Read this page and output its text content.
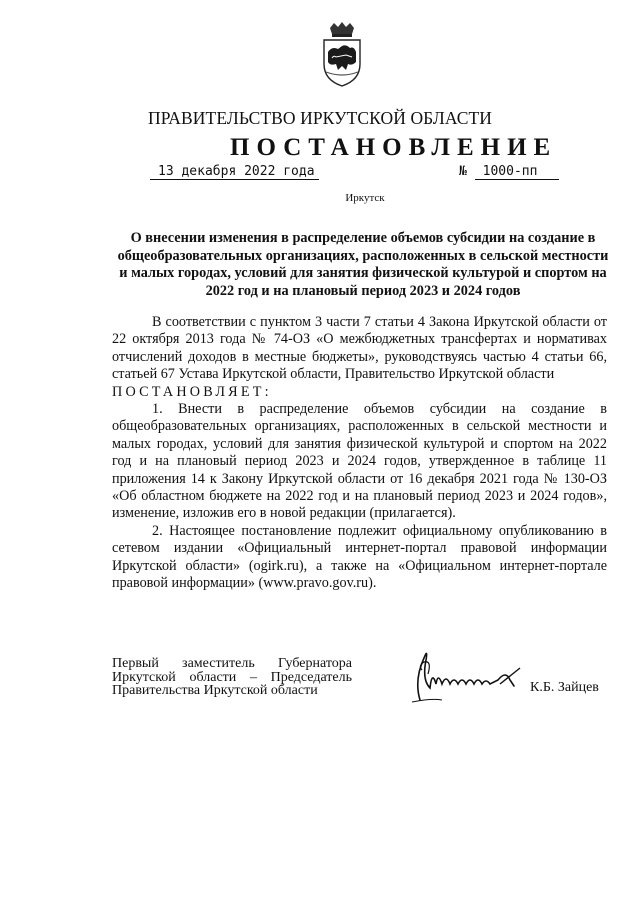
ПРАВИТЕЛЬСТВО ИРКУТСКОЙ ОБЛАСТИ
ПОСТАНОВЛЕНИЕ
13 декабря 2022 года	№ 1000-пп
Иркутск
О внесении изменения в распределение объемов субсидии на создание в общеобразовательных организациях, расположенных в сельской местности и малых городах, условий для занятия физической культурой и спортом на 2022 год и на плановый период 2023 и 2024 годов

В соответствии с пунктом 3 части 7 статьи 4 Закона Иркутской области от 22 октября 2013 года № 74-ОЗ «О межбюджетных трансфертах и нормативах отчислений доходов в местные бюджеты», руководствуясь частью 4 статьи 66, статьей 67 Устава Иркутской области, Правительство Иркутской области

ПОСТАНОВЛЯЕТ:

1. Внести в распределение объемов субсидии на создание в общеобразовательных организациях, расположенных в сельской местности и малых городах, условий для занятия физической культурой и спортом на 2022 год и на плановый период 2023 и 2024 годов, утвержденное в таблице 11 приложения 14 к Закону Иркутской области от 16 декабря 2021 года № 130-ОЗ «Об областном бюджете на 2022 год и на плановый период 2023 и 2024 годов», изменение, изложив его в новой редакции (прилагается).

2. Настоящее постановление подлежит официальному опубликованию в сетевом издании «Официальный интернет-портал правовой информации Иркутской области» (ogirk.ru), а также на «Официальном интернет-портале правовой информации» (www.pravo.gov.ru).

Первый заместитель Губернатора
Иркутской области – Председатель
Правительства Иркутской области	К.Б. Зайцев
